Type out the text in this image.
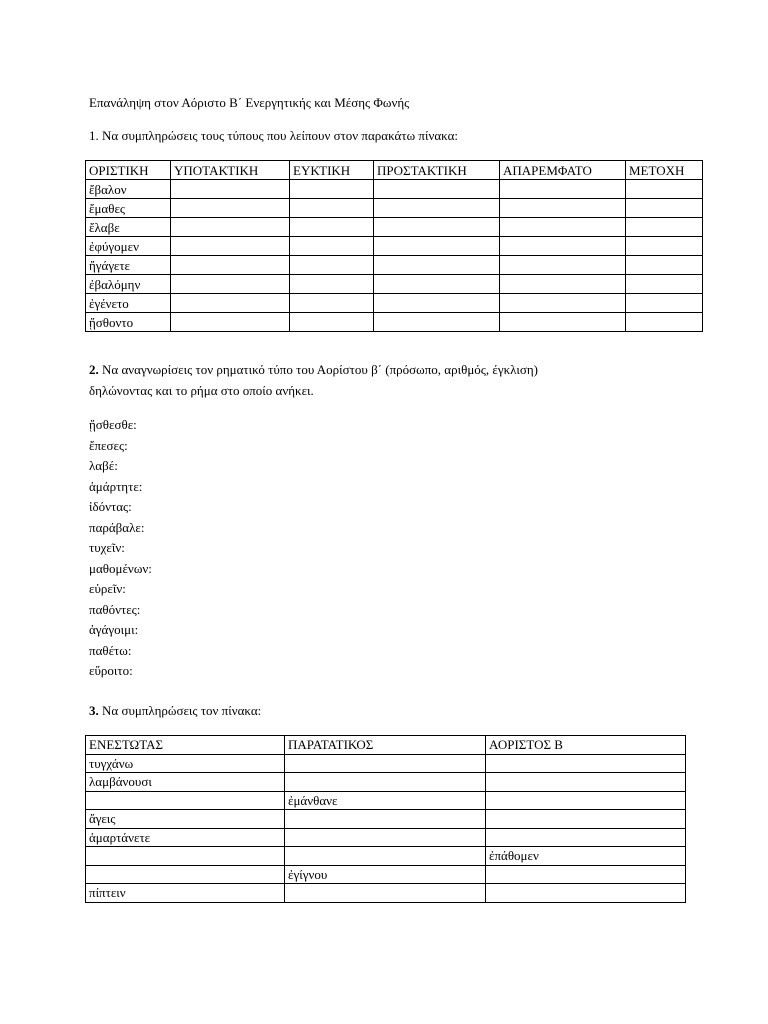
Επανάληψη στον Αόριστο Β΄ Ενεργητικής και Μέσης Φωνής
1. Να συμπληρώσεις τους τύπους που λείπουν στον παρακάτω πίνακα:
ΟΡΙΣΤΙΚΗ	ΥΠΟΤΑΚΤΙΚΗ	ΕΥΚΤΙΚΗ	ΠΡΟΣΤΑΚΤΙΚΗ	ΑΠΑΡΕΜΦΑΤΟ	ΜΕΤΟΧΗ
ἔβαλον					
ἔμαθες					
ἔλαβε					
ἐφύγομεν					
ἤγάγετε					
ἐβαλόμην					
ἐγένετο					
ᾔσθοντο					
2. Να αναγνωρίσεις τον ρηματικό τύπο του Αορίστου β΄ (πρόσωπο, αριθμός, έγκλιση)
δηλώνοντας και το ρήμα στο οποίο ανήκει.
ᾔσθεσθε:
ἔπεσες:
λαβέ:
ἁμάρτητε:
ἰδόντας:
παράβαλε:
τυχεῖν:
μαθομένων:
εὑρεῖν:
παθόντες:
ἀγάγοιμι:
παθέτω:
εὕροιτο:
3. Να συμπληρώσεις τον πίνακα:
ΕΝΕΣΤΩΤΑΣ	ΠΑΡΑΤΑΤΙΚΟΣ	ΑΟΡΙΣΤΟΣ Β
τυγχάνω		
λαμβάνουσι		
	ἐμάνθανε	
ἄγεις		
ἁμαρτάνετε		
		ἐπάθομεν
	ἐγίγνου	
πίπτειν		
